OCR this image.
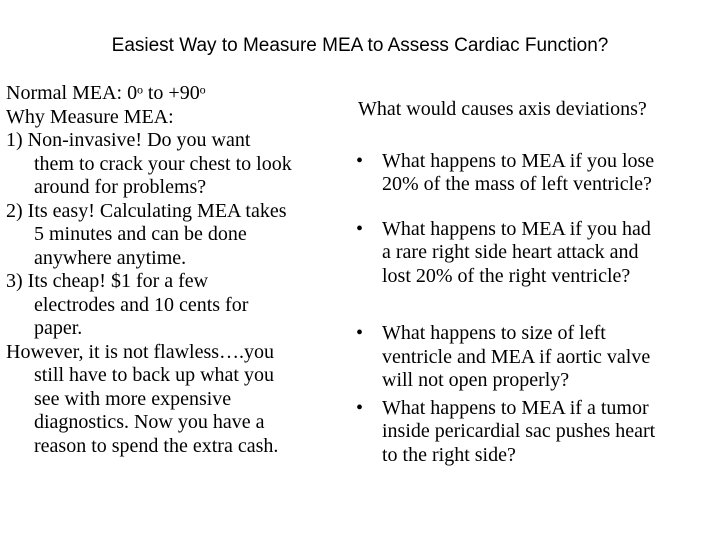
Easiest Way to Measure MEA to Assess Cardiac Function?
Normal MEA: 0ᵒ to +90ᵒ
Why Measure MEA:
1) Non-invasive! Do you want
them to crack your chest to look
around for problems?
2) Its easy! Calculating MEA takes
5 minutes and can be done
anywhere anytime.
3) Its cheap! $1 for a few
electrodes and 10 cents for
paper.
However, it is not flawless….you
still have to back up what you
see with more expensive
diagnostics. Now you have a
reason to spend the extra cash.
What would causes axis deviations?
• What happens to MEA if you lose
20% of the mass of left ventricle?
• What happens to MEA if you had
a rare right side heart attack and
lost 20% of the right ventricle?
• What happens to size of left
ventricle and MEA if aortic valve
will not open properly?
• What happens to MEA if a tumor
inside pericardial sac pushes heart
to the right side?
